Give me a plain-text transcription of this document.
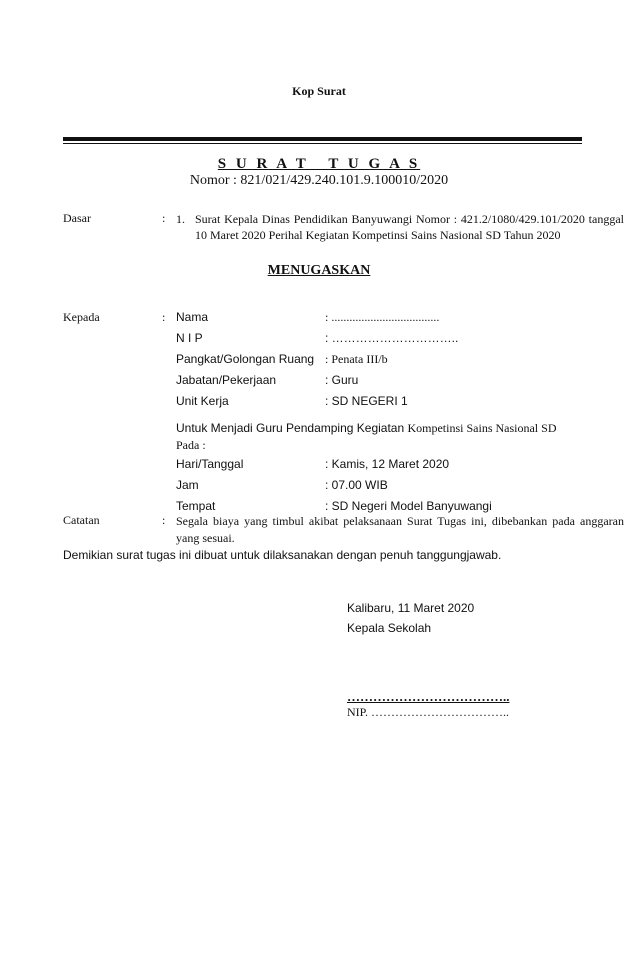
Kop Surat
S U R A T   T U G A S
Nomor : 821/021/429.240.101.9.100010/2020
Dasar	: 1. Surat Kepala Dinas Pendidikan Banyuwangi Nomor : 421.2/1080/429.101/2020 tanggal 10 Maret 2020 Perihal Kegiatan Kompetinsi Sains Nasional SD Tahun 2020
MENUGASKAN
Kepada	: Nama	: ....................................
N I P	: …………………………..
Pangkat/Golongan Ruang : Penata III/b
Jabatan/Pekerjaan	: Guru
Unit Kerja	: SD NEGERI 1
Untuk Menjadi Guru Pendamping Kegiatan Kompetinsi Sains Nasional SD
Pada :
Hari/Tanggal	: Kamis, 12 Maret 2020
Jam	: 07.00 WIB
Tempat	: SD Negeri Model Banyuwangi
Catatan	: Segala biaya yang timbul akibat pelaksanaan Surat Tugas ini, dibebankan pada anggaran yang sesuai.
Demikian surat tugas ini dibuat untuk dilaksanakan dengan penuh tanggungjawab.
Kalibaru, 11 Maret 2020
Kepala Sekolah
………………………………..
NIP. ……………………………..
